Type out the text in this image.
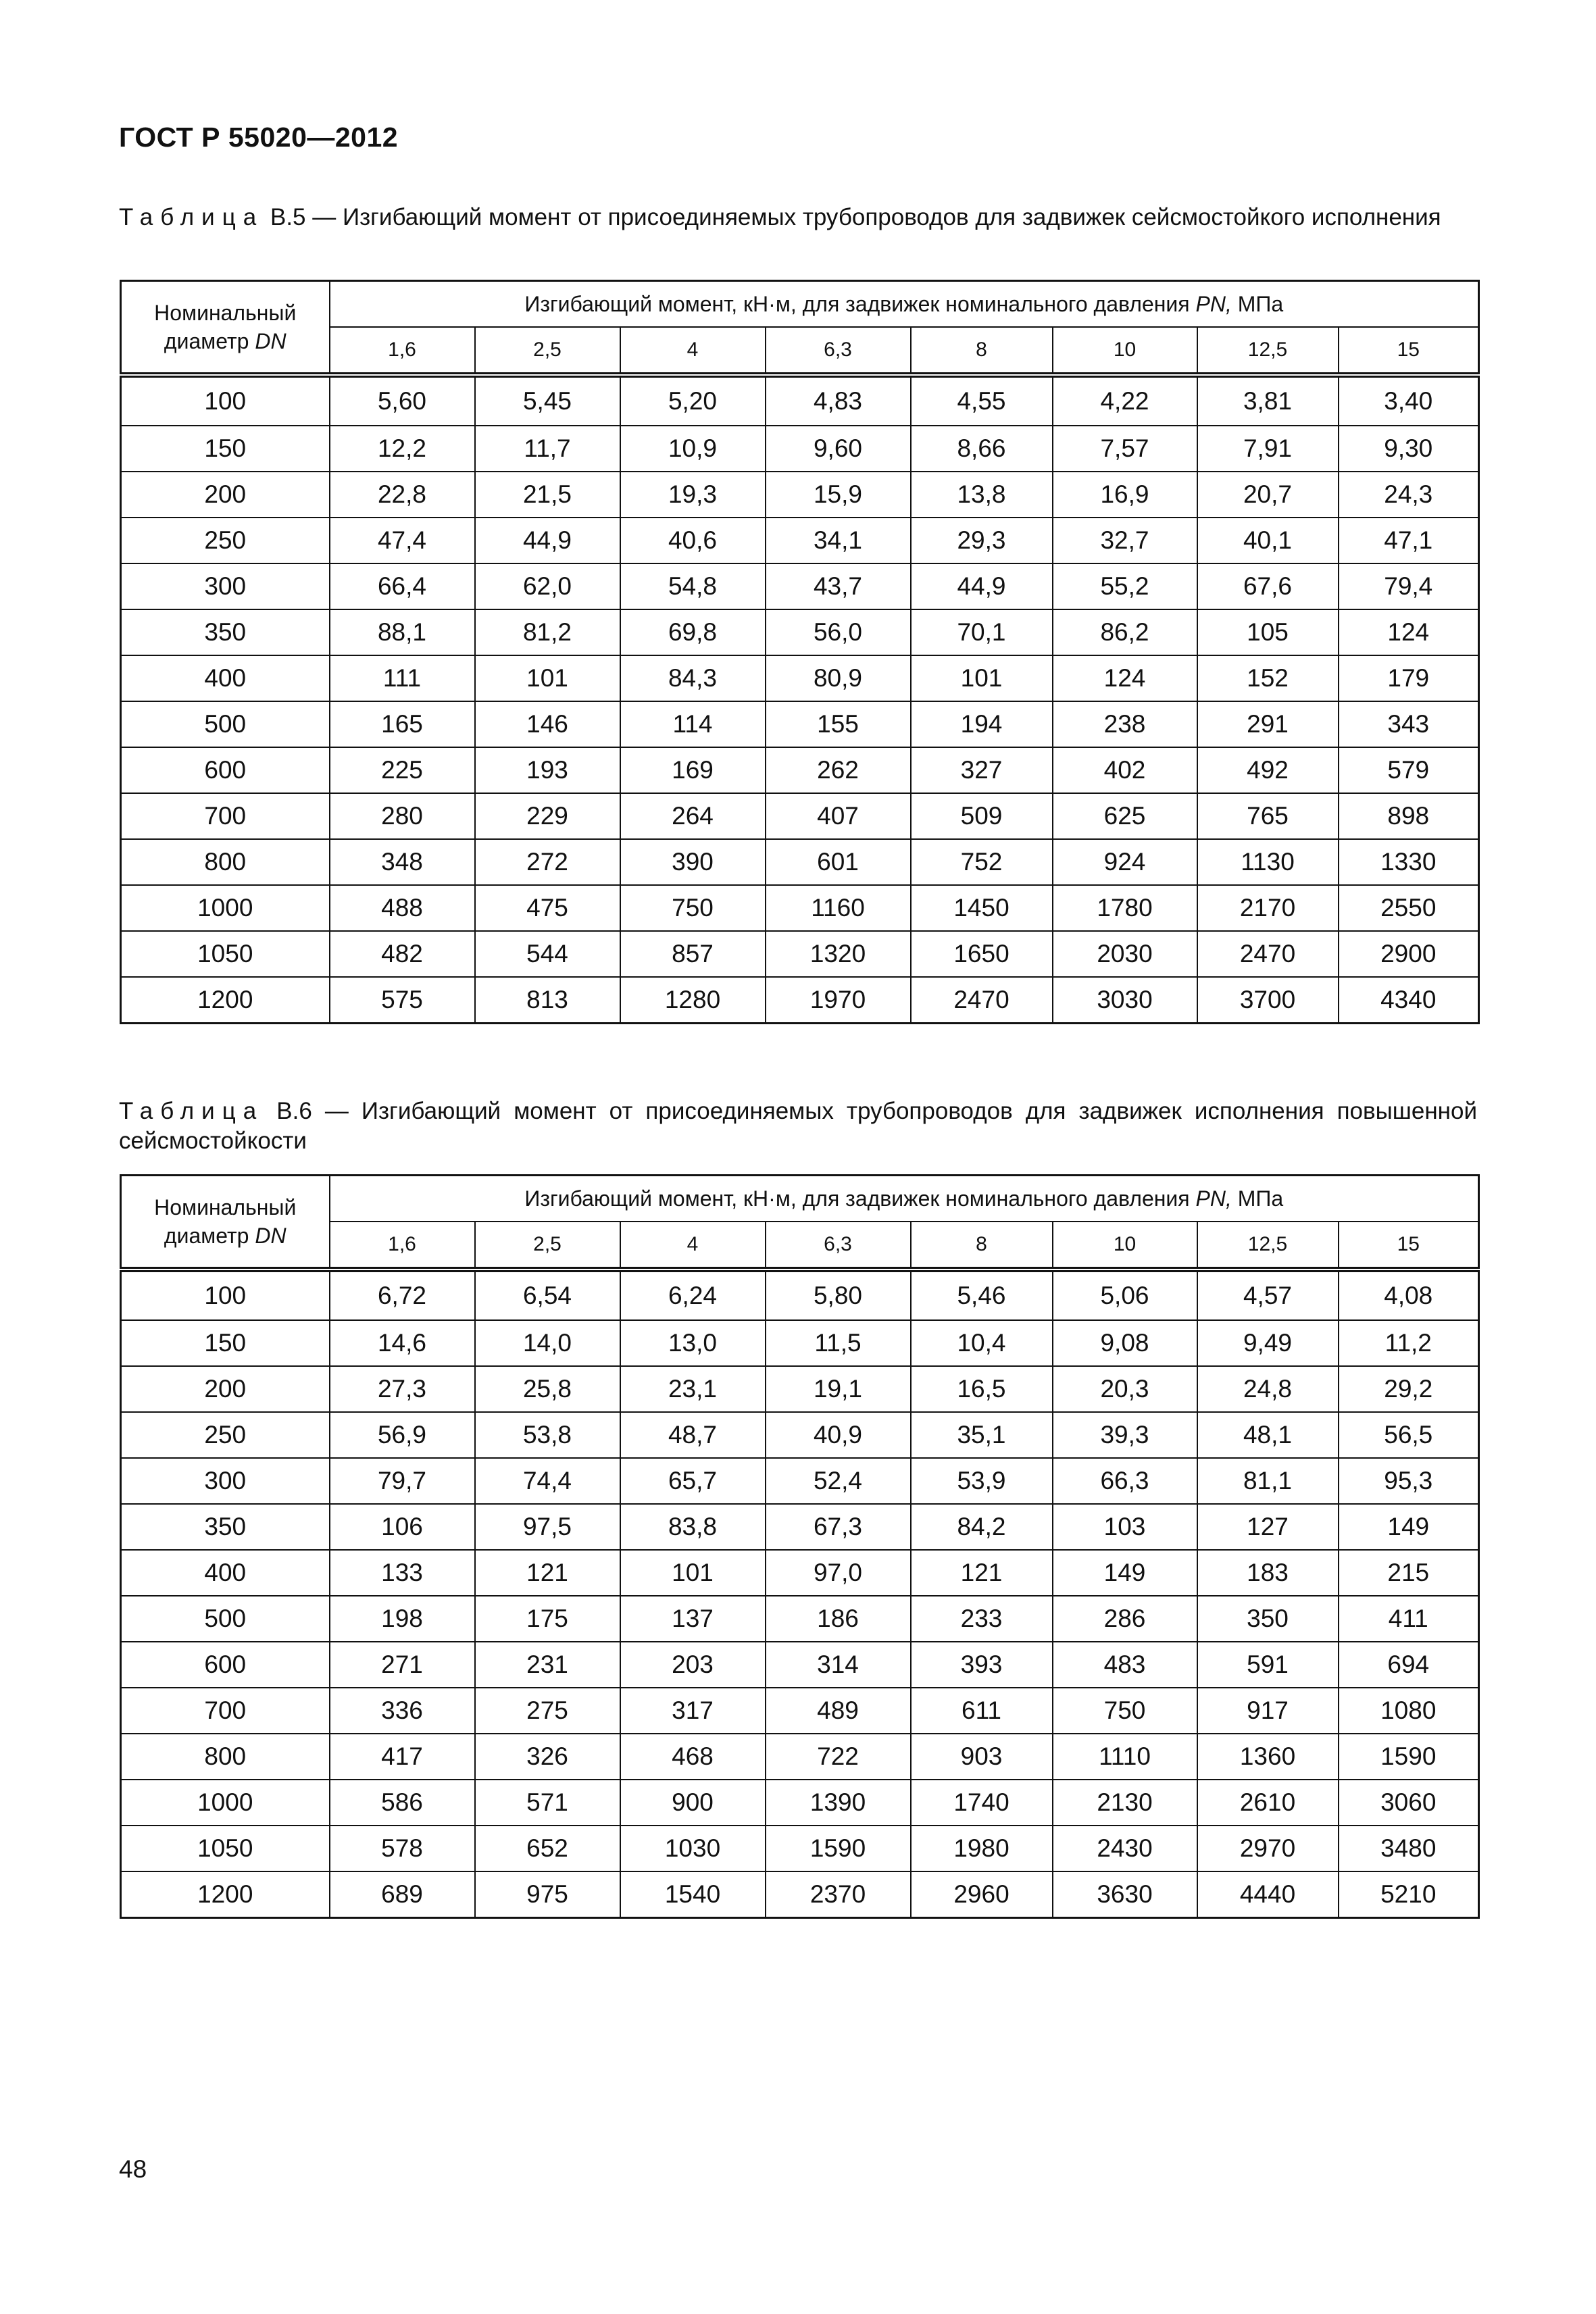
ГОСТ Р 55020—2012
Таблица В.5 — Изгибающий момент от присоединяемых трубопроводов для задвижек сейсмостойкого исполнения
Номинальный
диаметр DN	Изгибающий момент, кН·м, для задвижек номинального давления PN, МПа							
	1,6	2,5	4	6,3	8	10	12,5	15
100	5,60	5,45	5,20	4,83	4,55	4,22	3,81	3,40
150	12,2	11,7	10,9	9,60	8,66	7,57	7,91	9,30
200	22,8	21,5	19,3	15,9	13,8	16,9	20,7	24,3
250	47,4	44,9	40,6	34,1	29,3	32,7	40,1	47,1
300	66,4	62,0	54,8	43,7	44,9	55,2	67,6	79,4
350	88,1	81,2	69,8	56,0	70,1	86,2	105	124
400	111	101	84,3	80,9	101	124	152	179
500	165	146	114	155	194	238	291	343
600	225	193	169	262	327	402	492	579
700	280	229	264	407	509	625	765	898
800	348	272	390	601	752	924	1130	1330
1000	488	475	750	1160	1450	1780	2170	2550
1050	482	544	857	1320	1650	2030	2470	2900
1200	575	813	1280	1970	2470	3030	3700	4340
Таблица В.6 — Изгибающий момент от присоединяемых трубопроводов для задвижек исполнения повышенной сейсмостойкости
Номинальный
диаметр DN	Изгибающий момент, кН·м, для задвижек номинального давления PN, МПа							
	1,6	2,5	4	6,3	8	10	12,5	15
100	6,72	6,54	6,24	5,80	5,46	5,06	4,57	4,08
150	14,6	14,0	13,0	11,5	10,4	9,08	9,49	11,2
200	27,3	25,8	23,1	19,1	16,5	20,3	24,8	29,2
250	56,9	53,8	48,7	40,9	35,1	39,3	48,1	56,5
300	79,7	74,4	65,7	52,4	53,9	66,3	81,1	95,3
350	106	97,5	83,8	67,3	84,2	103	127	149
400	133	121	101	97,0	121	149	183	215
500	198	175	137	186	233	286	350	411
600	271	231	203	314	393	483	591	694
700	336	275	317	489	611	750	917	1080
800	417	326	468	722	903	1110	1360	1590
1000	586	571	900	1390	1740	2130	2610	3060
1050	578	652	1030	1590	1980	2430	2970	3480
1200	689	975	1540	2370	2960	3630	4440	5210
48
